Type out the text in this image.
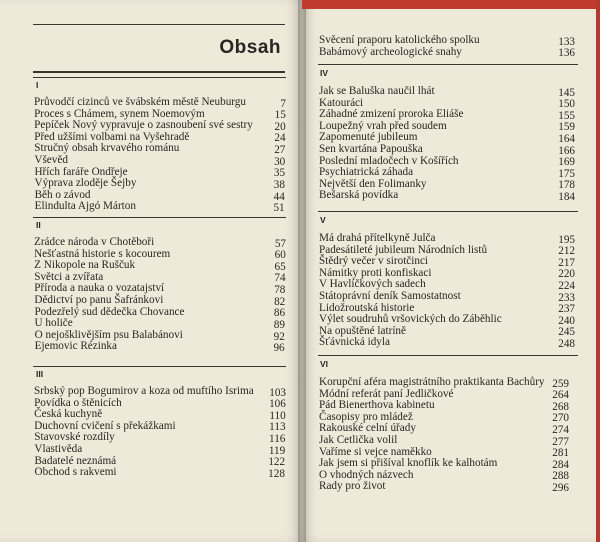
Obsah
I
Průvodčí cizinců ve švábském městě Neuburgu	7
Proces s Chámem, synem Noemovým	15
Pepíček Nový vypravuje o zasnoubení své sestry	20
Před užšími volbami na Vyšehradě	24
Stručný obsah krvavého románu	27
Vševěd	30
Hřích faráře Ondřeje	35
Výprava zloděje Šejby	38
Běh o závod	44
Elindulta Ajgó Márton	51
II
Zrádce národa v Chotěboři	57
Nešťastná historie s kocourem	60
Z Nikopole na Ruščuk	65
Světci a zvířata	74
Příroda a nauka o vozatajství	78
Dědictví po panu Šafránkovi	82
Podezřelý sud dědečka Chovance	86
U holiče	89
O nejošklivějším psu Balabánovi	92
Ejemovic Rézinka	96
III
Srbský pop Bogumirov a koza od muftího Isrima	103
Povídka o štěnicích	106
Česká kuchyně	110
Duchovní cvičení s překážkami	113
Stavovské rozdíly	116
Vlastivěda	119
Badatelé neznámá	122
Obchod s rakvemi	128
Svěcení praporu katolického spolku	133
Babámový archeologické snahy	136
IV
Jak se Baluška naučil lhát	145
Katouráci	150
Záhadné zmizení proroka Eliáše	155
Loupežný vrah před soudem	159
Zapomenuté jubileum	164
Sen kvartána Papouška	166
Poslední mladočech v Košířích	169
Psychiatrická záhada	175
Největší den Folimanky	178
Bešarská povídka	184
V
Má drahá přítelkyně Julča	195
Padesátileté jubileum Národních listů	212
Štědrý večer v sirotčinci	217
Námitky proti konfiskaci	220
V Havlíčkových sadech	224
Státoprávní deník Samostatnost	233
Lidožroutská historie	237
Výlet soudruhů vršovických do Záběhlic	240
Na opuštěné latríně	245
Šťávnická idyla	248
VI
Korupční aféra magistrátního praktikanta Bachůry 259
Módní referát paní Jedličkové	264
Pád Bienerthova kabinetu	268
Časopisy pro mládež	270
Rakouské celní úřady	274
Jak Cetlička volil	277
Vaříme si vejce naměkko	281
Jak jsem si přišíval knoflík ke kalhotám	284
O vhodných názvech	288
Rady pro život	296
